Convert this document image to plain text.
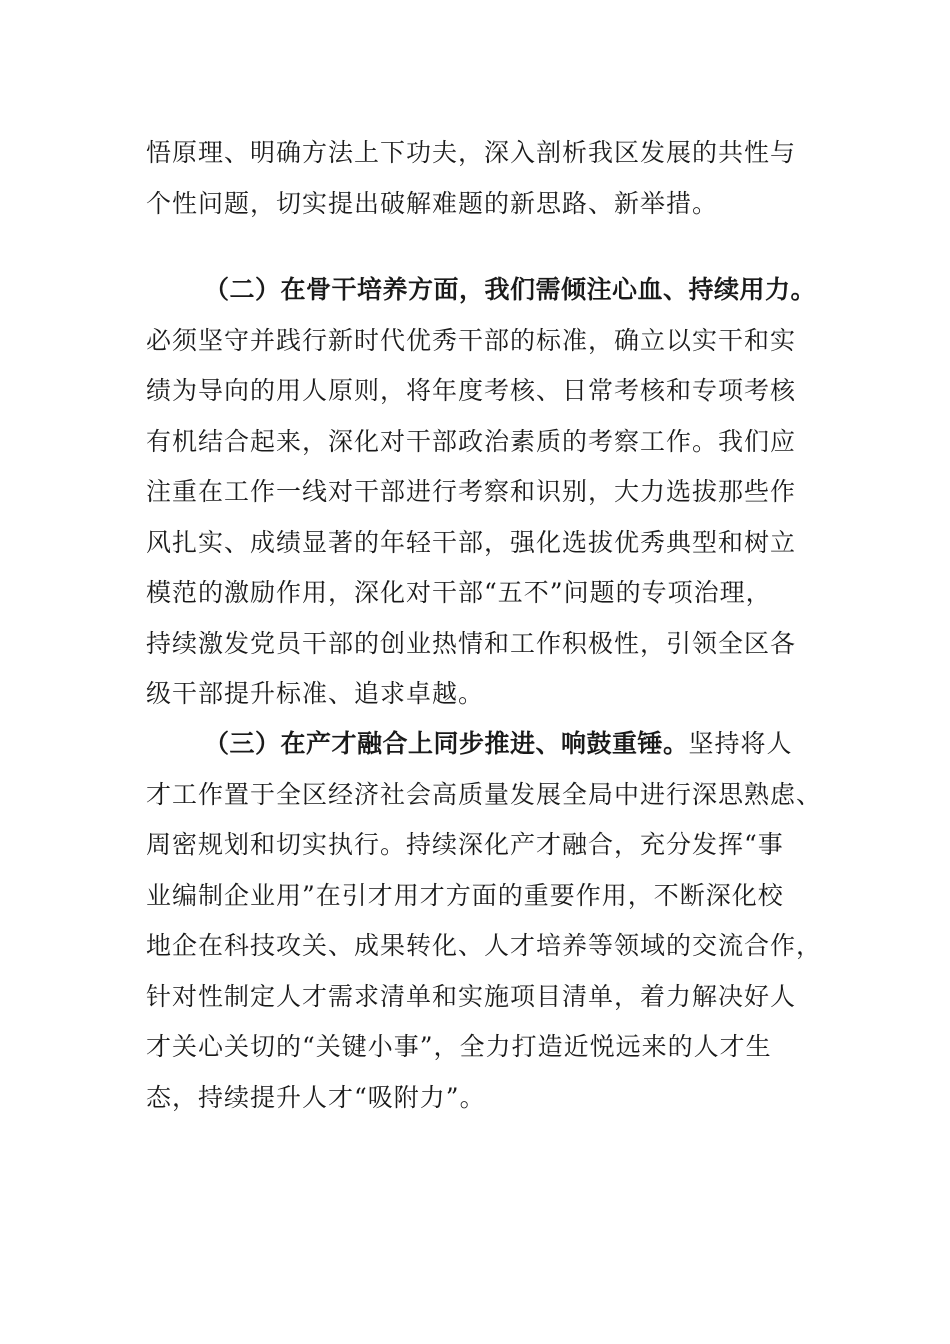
悟原理、明确方法上下功夫，深入剖析我区发展的共性与
个性问题，切实提出破解难题的新思路、新举措。
（二）在骨干培养方面，我们需倾注心血、持续用力。
必须坚守并践行新时代优秀干部的标准，确立以实干和实
绩为导向的用人原则，将年度考核、日常考核和专项考核
有机结合起来，深化对干部政治素质的考察工作。我们应
注重在工作一线对干部进行考察和识别，大力选拔那些作
风扎实、成绩显著的年轻干部，强化选拔优秀典型和树立
模范的激励作用，深化对干部“五不”问题的专项治理，
持续激发党员干部的创业热情和工作积极性，引领全区各
级干部提升标准、追求卓越。
（三）在产才融合上同步推进、响鼓重锤。坚持将人
才工作置于全区经济社会高质量发展全局中进行深思熟虑、
周密规划和切实执行。持续深化产才融合，充分发挥“事
业编制企业用”在引才用才方面的重要作用，不断深化校
地企在科技攻关、成果转化、人才培养等领域的交流合作，
针对性制定人才需求清单和实施项目清单，着力解决好人
才关心关切的“关键小事”，全力打造近悦远来的人才生
态，持续提升人才“吸附力”。
